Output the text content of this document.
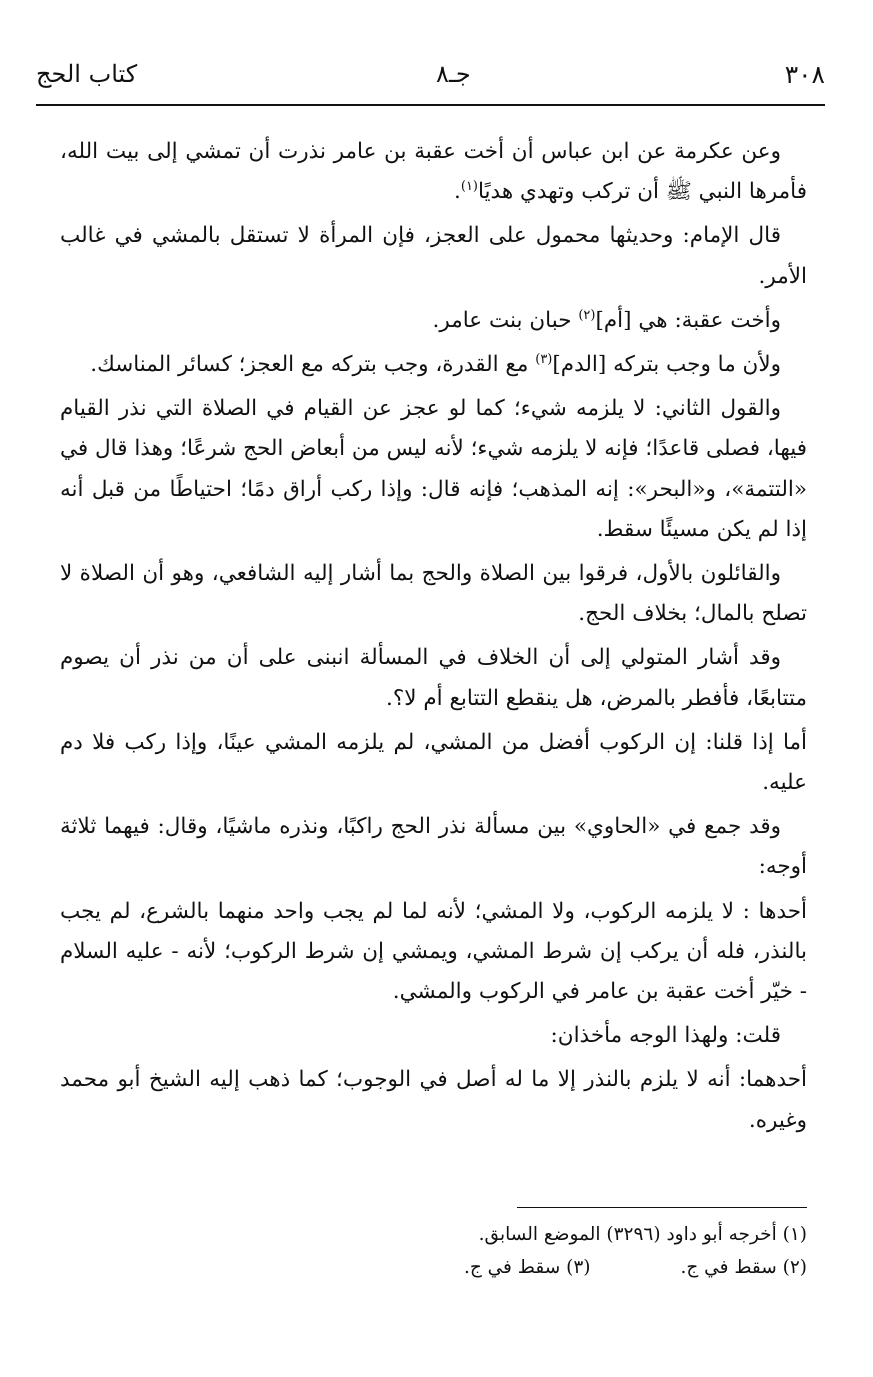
٣٠٨
جـ٨
كتاب الحج

وعن عكرمة عن ابن عباس أن أخت عقبة بن عامر نذرت أن تمشي إلى بيت الله، فأمرها النبي ﷺ أن تركب وتهدي هديًا$^{(١)}$.

قال الإمام: وحديثها محمول على العجز، فإن المرأة لا تستقل بالمشي في غالب الأمر.

وأخت عقبة: هي [أم]$^{(٢)}$ حبان بنت عامر.

ولأن ما وجب بتركه [الدم]$^{(٣)}$ مع القدرة، وجب بتركه مع العجز؛ كسائر المناسك.

والقول الثاني: لا يلزمه شيء؛ كما لو عجز عن القيام في الصلاة التي نذر القيام فيها، فصلى قاعدًا؛ فإنه لا يلزمه شيء؛ لأنه ليس من أبعاض الحج شرعًا؛ وهذا قال في «التتمة»، و«البحر»: إنه المذهب؛ فإنه قال: وإذا ركب أراق دمًا؛ احتياطًا من قبل أنه إذا لم يكن مسيئًا سقط.

والقائلون بالأول، فرقوا بين الصلاة والحج بما أشار إليه الشافعي، وهو أن الصلاة لا تصلح بالمال؛ بخلاف الحج.

وقد أشار المتولي إلى أن الخلاف في المسألة انبنى على أن من نذر أن يصوم متتابعًا، فأفطر بالمرض، هل ينقطع التتابع أم لا؟.

أما إذا قلنا: إن الركوب أفضل من المشي، لم يلزمه المشي عينًا، وإذا ركب فلا دم عليه.

وقد جمع في «الحاوي» بين مسألة نذر الحج راكبًا، ونذره ماشيًا، وقال: فيهما ثلاثة أوجه:

أحدها : لا يلزمه الركوب، ولا المشي؛ لأنه لما لم يجب واحد منهما بالشرع، لم يجب بالنذر، فله أن يركب إن شرط المشي، ويمشي إن شرط الركوب؛ لأنه - عليه السلام - خيّر أخت عقبة بن عامر في الركوب والمشي.

قلت: ولهذا الوجه مأخذان:

أحدهما: أنه لا يلزم بالنذر إلا ما له أصل في الوجوب؛ كما ذهب إليه الشيخ أبو محمد وغيره.

(١) أخرجه أبو داود (٣٢٩٦) الموضع السابق.

(٢) سقط في ج.

(٣) سقط في ج.
